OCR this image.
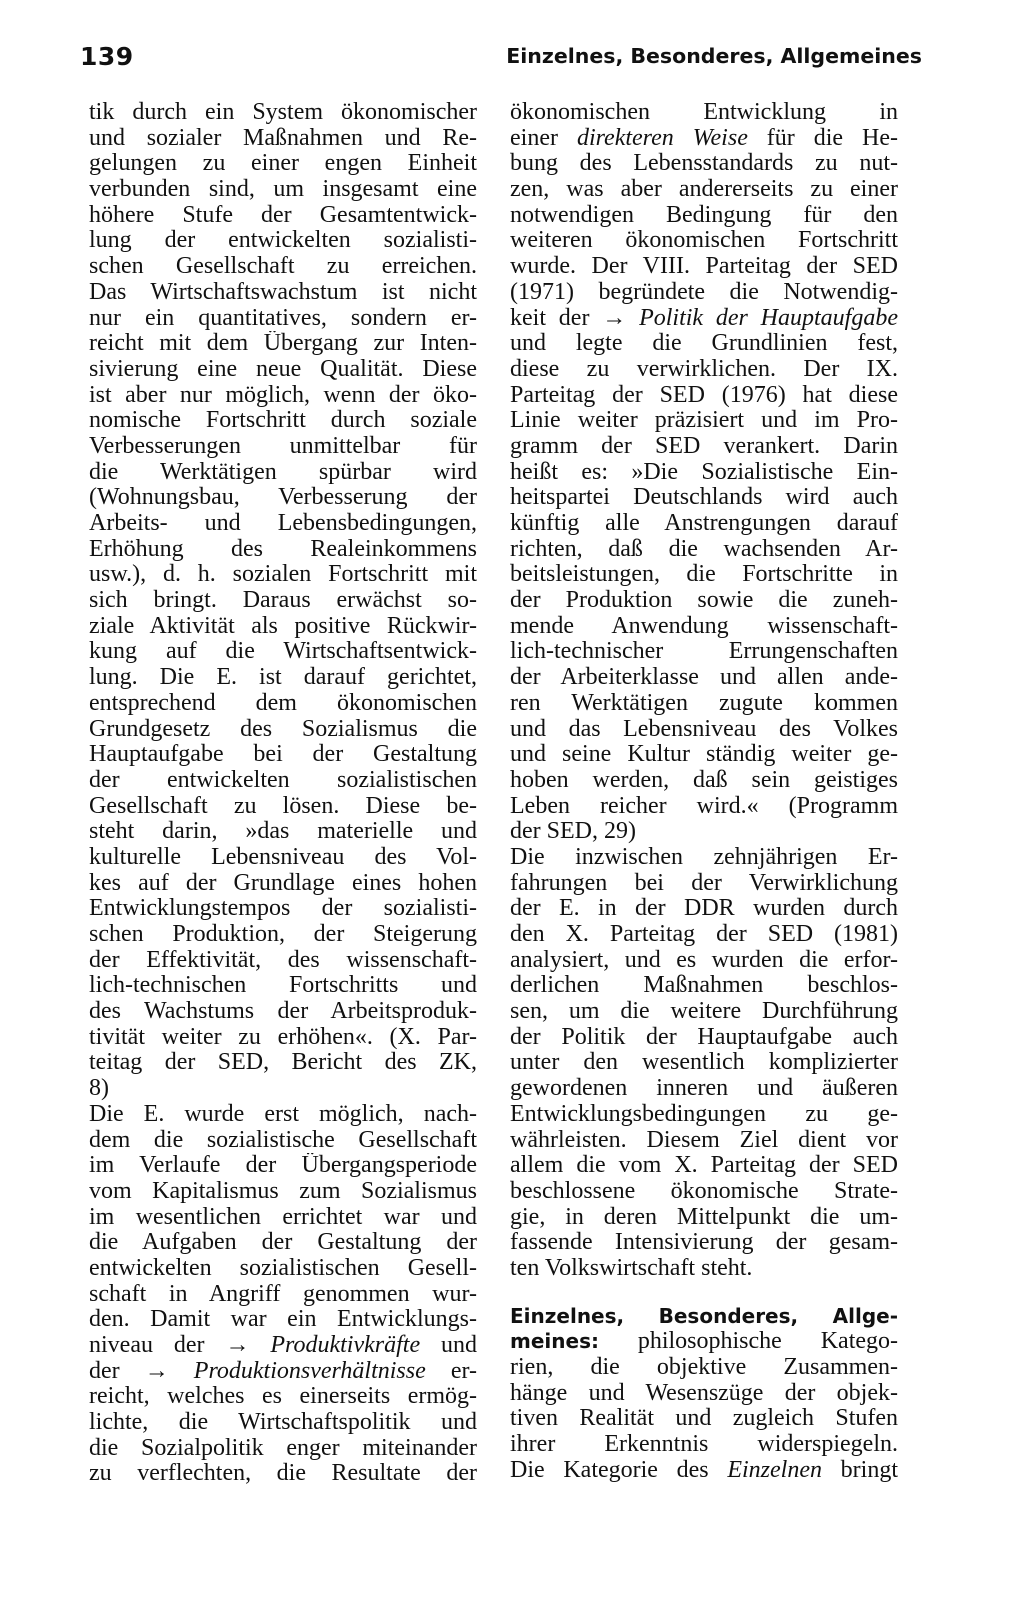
139	Einzelnes, Besonderes, Allgemeines
tik durch ein System ökonomischer
und sozialer Maßnahmen und Re-
gelungen zu einer engen Einheit
verbunden sind, um insgesamt eine
höhere Stufe der Gesamtentwick-
lung der entwickelten sozialisti-
schen Gesellschaft zu erreichen.
Das Wirtschaftswachstum ist nicht
nur ein quantitatives, sondern er-
reicht mit dem Übergang zur Inten-
sivierung eine neue Qualität. Diese
ist aber nur möglich, wenn der öko-
nomische Fortschritt durch soziale
Verbesserungen unmittelbar für
die Werktätigen spürbar wird
(Wohnungsbau, Verbesserung der
Arbeits- und Lebensbedingungen,
Erhöhung des Realeinkommens
usw.), d. h. sozialen Fortschritt mit
sich bringt. Daraus erwächst so-
ziale Aktivität als positive Rückwir-
kung auf die Wirtschaftsentwick-
lung. Die E. ist darauf gerichtet,
entsprechend dem ökonomischen
Grundgesetz des Sozialismus die
Hauptaufgabe bei der Gestaltung
der entwickelten sozialistischen
Gesellschaft zu lösen. Diese be-
steht darin, »das materielle und
kulturelle Lebensniveau des Vol-
kes auf der Grundlage eines hohen
Entwicklungstempos der sozialisti-
schen Produktion, der Steigerung
der Effektivität, des wissenschaft-
lich-technischen Fortschritts und
des Wachstums der Arbeitsproduk-
tivität weiter zu erhöhen«. (X. Par-
teitag der SED, Bericht des ZK,
8)
Die E. wurde erst möglich, nach-
dem die sozialistische Gesellschaft
im Verlaufe der Übergangsperiode
vom Kapitalismus zum Sozialismus
im wesentlichen errichtet war und
die Aufgaben der Gestaltung der
entwickelten sozialistischen Gesell-
schaft in Angriff genommen wur-
den. Damit war ein Entwicklungs-
niveau der → Produktivkräfte und
der → Produktionsverhältnisse er-
reicht, welches es einerseits ermög-
lichte, die Wirtschaftspolitik und
die Sozialpolitik enger miteinander
zu verflechten, die Resultate der
ökonomischen Entwicklung in
einer direkteren Weise für die He-
bung des Lebensstandards zu nut-
zen, was aber andererseits zu einer
notwendigen Bedingung für den
weiteren ökonomischen Fortschritt
wurde. Der VIII. Parteitag der SED
(1971) begründete die Notwendig-
keit der → Politik der Hauptaufgabe
und legte die Grundlinien fest,
diese zu verwirklichen. Der IX.
Parteitag der SED (1976) hat diese
Linie weiter präzisiert und im Pro-
gramm der SED verankert. Darin
heißt es: »Die Sozialistische Ein-
heitspartei Deutschlands wird auch
künftig alle Anstrengungen darauf
richten, daß die wachsenden Ar-
beitsleistungen, die Fortschritte in
der Produktion sowie die zuneh-
mende Anwendung wissenschaft-
lich-technischer Errungenschaften
der Arbeiterklasse und allen ande-
ren Werktätigen zugute kommen
und das Lebensniveau des Volkes
und seine Kultur ständig weiter ge-
hoben werden, daß sein geistiges
Leben reicher wird.« (Programm
der SED, 29)
Die inzwischen zehnjährigen Er-
fahrungen bei der Verwirklichung
der E. in der DDR wurden durch
den X. Parteitag der SED (1981)
analysiert, und es wurden die erfor-
derlichen Maßnahmen beschlos-
sen, um die weitere Durchführung
der Politik der Hauptaufgabe auch
unter den wesentlich komplizierter
gewordenen inneren und äußeren
Entwicklungsbedingungen zu ge-
währleisten. Diesem Ziel dient vor
allem die vom X. Parteitag der SED
beschlossene ökonomische Strate-
gie, in deren Mittelpunkt die um-
fassende Intensivierung der gesam-
ten Volkswirtschaft steht.
Einzelnes, Besonderes, Allge-
meines: philosophische Katego-
rien, die objektive Zusammen-
hänge und Wesenszüge der objek-
tiven Realität und zugleich Stufen
ihrer Erkenntnis widerspiegeln.
Die Kategorie des Einzelnen bringt
